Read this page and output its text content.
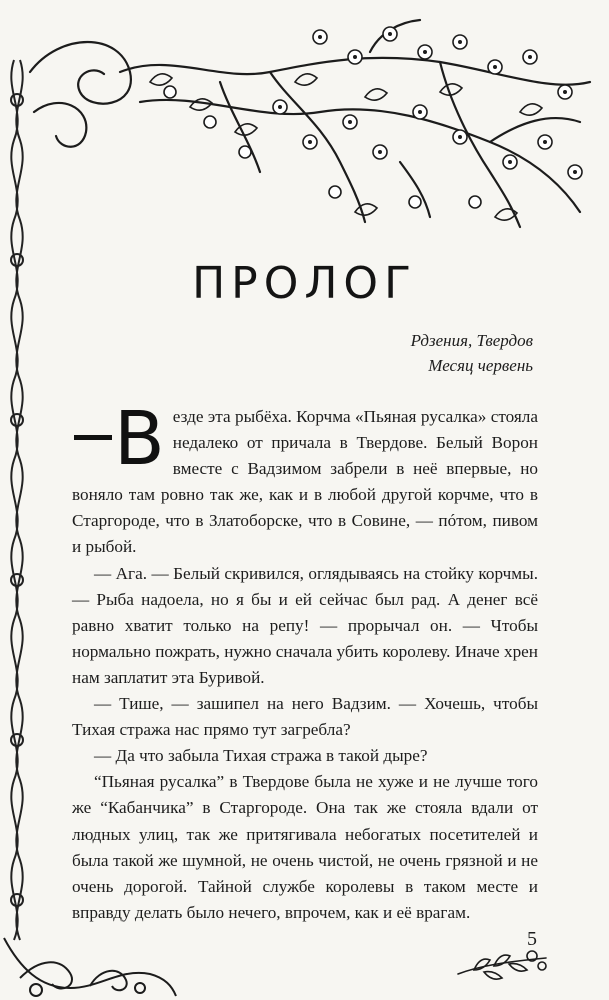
ПРОЛОГ
Рдзения, Твердов
Месяц червень

Везде эта рыбёха. Корчма «Пьяная русалка» стояла недалеко от причала в Твердове. Белый Ворон вместе с Вадзимом забрели в неё впервые, но воняло там ровно так же, как и в любой другой корчме, что в Старгороде, что в Златоборске, что в Совине, — пóтом, пивом и рыбой.

— Ага. — Белый скривился, оглядываясь на стойку корчмы. — Рыба надоела, но я бы и ей сейчас был рад. А денег всё равно хватит только на репу! — прорычал он. — Чтобы нормально пожрать, нужно сначала убить королеву. Иначе хрен нам заплатит эта Буривой.

— Тише, — зашипел на него Вадзим. — Хочешь, чтобы Тихая стража нас прямо тут загребла?

— Да что забыла Тихая стража в такой дыре?

“Пьяная русалка” в Твердове была не хуже и не лучше того же “Кабанчика” в Старгороде. Она так же стояла вдали от людных улиц, так же притягивала небогатых посетителей и была такой же шумной, не очень чистой, не очень грязной и не очень дорогой. Тайной службе королевы в таком месте и вправду делать было нечего, впрочем, как и её врагам.

5
